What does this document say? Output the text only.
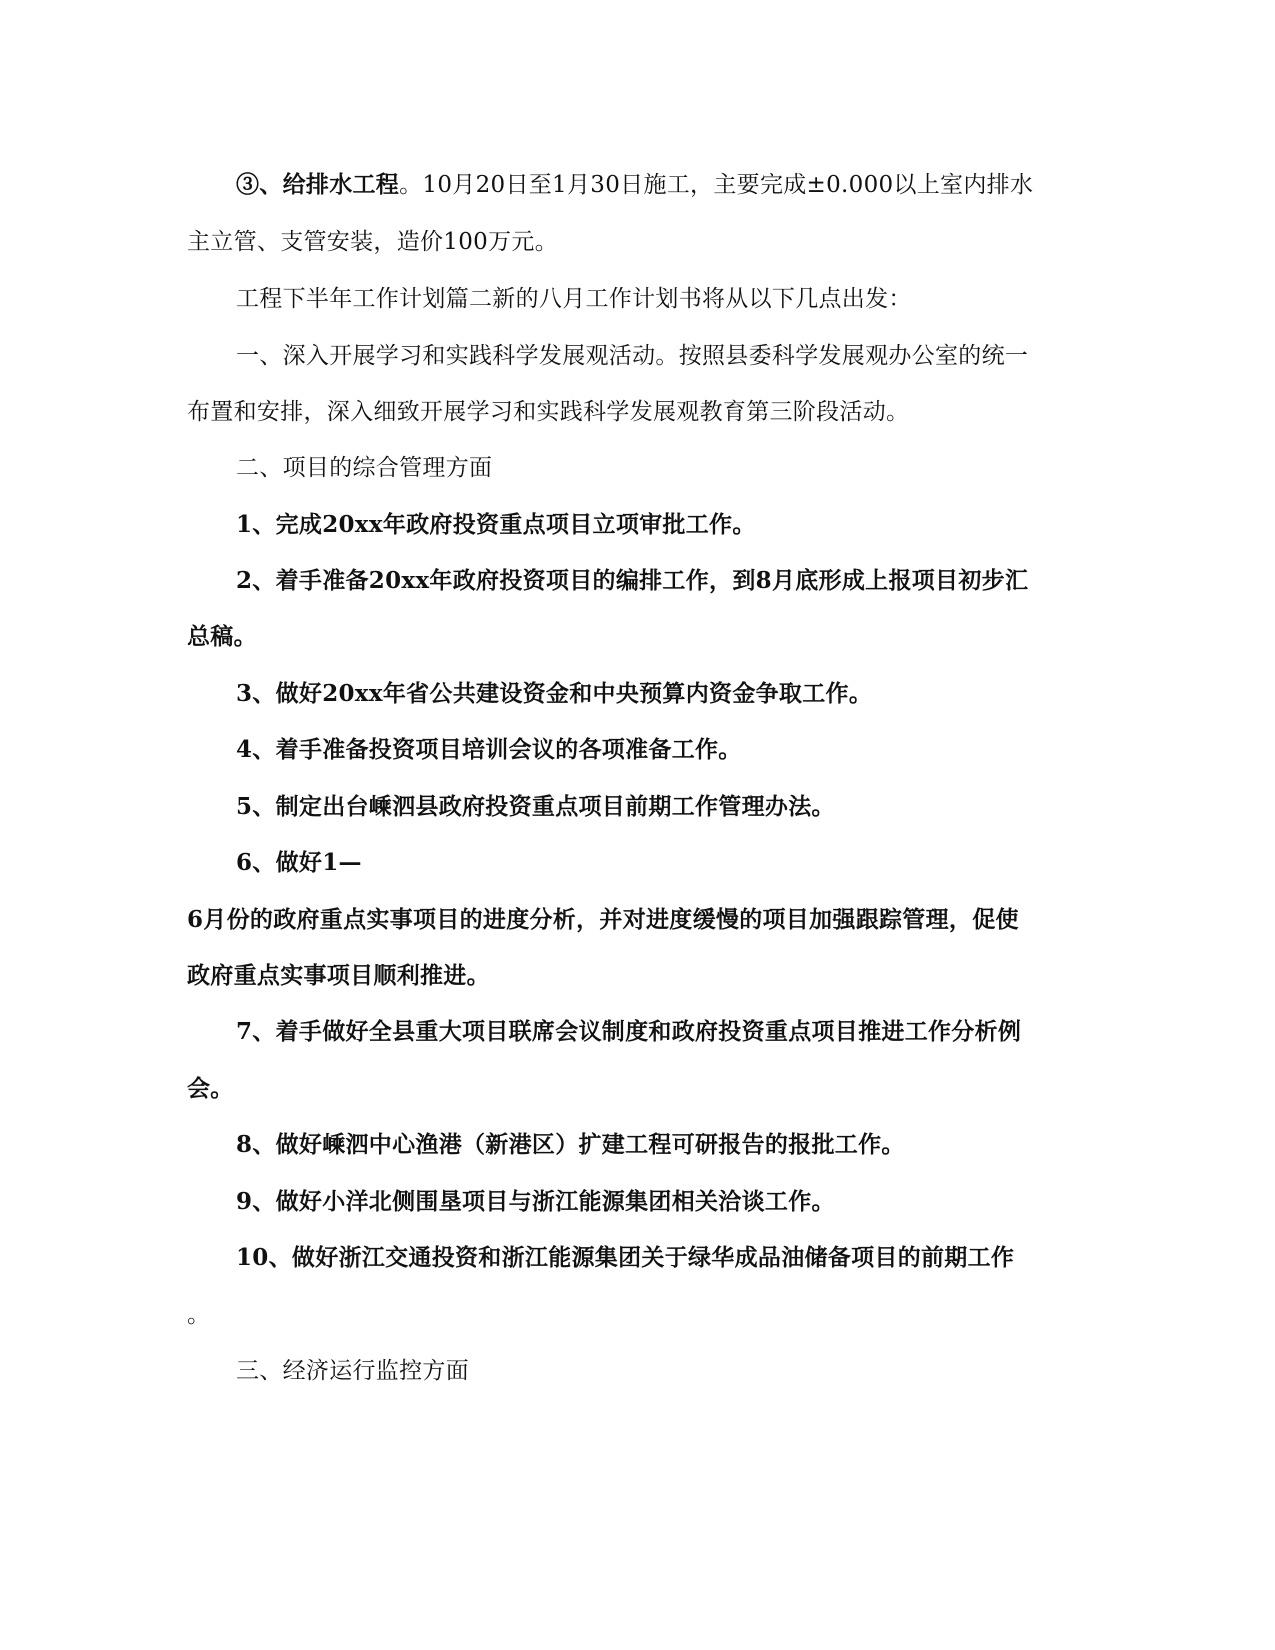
③、给排水工程。10月20日至1月30日施工，主要完成±0.000以上室内排水
主立管、支管安装，造价100万元。
工程下半年工作计划篇二新的八月工作计划书将从以下几点出发：
一、深入开展学习和实践科学发展观活动。按照县委科学发展观办公室的统一
布置和安排，深入细致开展学习和实践科学发展观教育第三阶段活动。
二、项目的综合管理方面
1、完成20xx年政府投资重点项目立项审批工作。
2、着手准备20xx年政府投资项目的编排工作，到8月底形成上报项目初步汇
总稿。
3、做好20xx年省公共建设资金和中央预算内资金争取工作。
4、着手准备投资项目培训会议的各项准备工作。
5、制定出台嵊泗县政府投资重点项目前期工作管理办法。
6、做好1—
6月份的政府重点实事项目的进度分析，并对进度缓慢的项目加强跟踪管理，促使
政府重点实事项目顺利推进。
7、着手做好全县重大项目联席会议制度和政府投资重点项目推进工作分析例
会。
8、做好嵊泗中心渔港（新港区）扩建工程可研报告的报批工作。
9、做好小洋北侧围垦项目与浙江能源集团相关洽谈工作。
10、做好浙江交通投资和浙江能源集团关于绿华成品油储备项目的前期工作
。
三、经济运行监控方面
